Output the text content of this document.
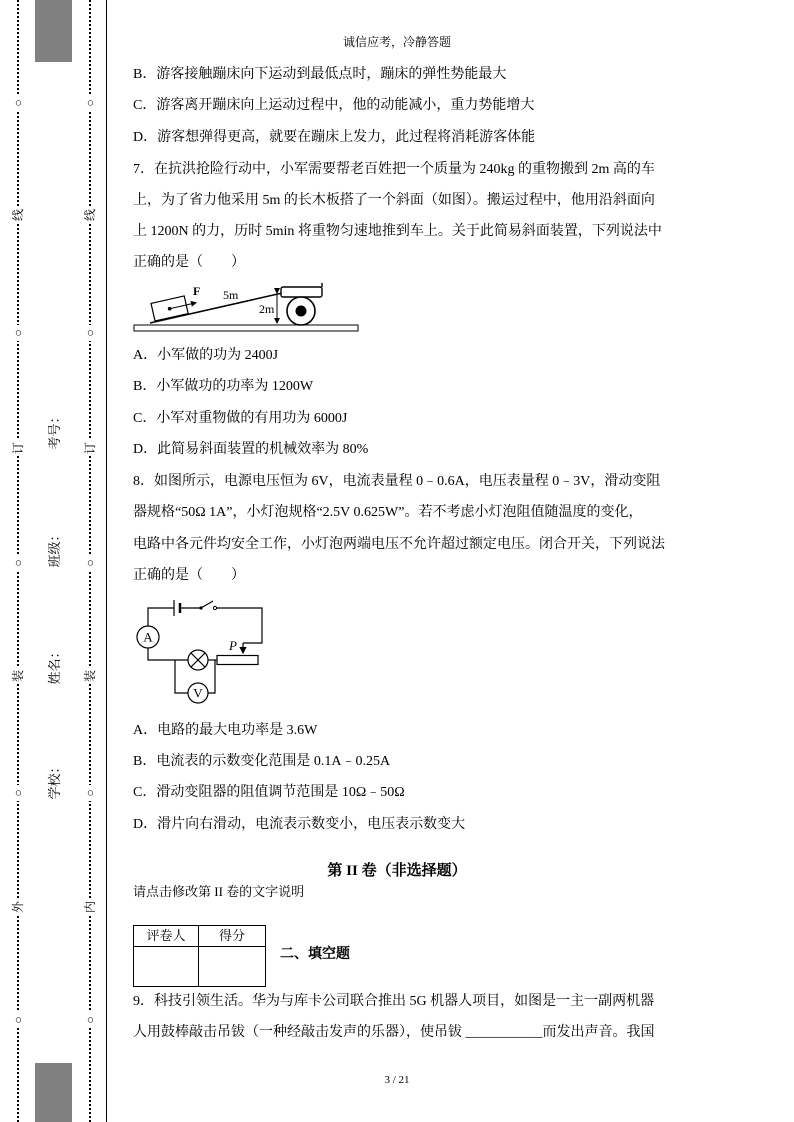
○
线
○
订
○
装
○
外
○
考号：
班级：
姓名：
学校：
○
线
○
订
○
装
○
内
○
诚信应考，冷静答题
B．游客接触蹦床向下运动到最低点时，蹦床的弹性势能最大
C．游客离开蹦床向上运动过程中，他的动能减小，重力势能增大
D．游客想弹得更高，就要在蹦床上发力，此过程将消耗游客体能
7．在抗洪抢险行动中，小军需要帮老百姓把一个质量为 240kg 的重物搬到 2m 高的车
上，为了省力他采用 5m 的长木板搭了一个斜面（如图）。搬运过程中，他用沿斜面向
上 1200N 的力，历时 5min 将重物匀速地推到车上。关于此简易斜面装置，下列说法中
正确的是（　　）
F 5m
2m
A．小军做的功为 2400J
B．小军做功的功率为 1200W
C．小军对重物做的有用功为 6000J
D．此简易斜面装置的机械效率为 80%
8．如图所示，电源电压恒为 6V，电流表量程 0﹣0.6A，电压表量程 0﹣3V，滑动变阻
器规格“50Ω 1A”，小灯泡规格“2.5V 0.625W”。若不考虑小灯泡阻值随温度的变化，
电路中各元件均安全工作，小灯泡两端电压不允许超过额定电压。闭合开关，下列说法
正确的是（　　）
A
V
P
A．电路的最大电功率是 3.6W
B．电流表的示数变化范围是 0.1A﹣0.25A
C．滑动变阻器的阻值调节范围是 10Ω﹣50Ω
D．滑片向右滑动，电流表示数变小，电压表示数变大
第 II 卷（非选择题）
请点击修改第 II 卷的文字说明
评卷人	得分

二、填空题
9．科技引领生活。华为与库卡公司联合推出 5G 机器人项目，如图是一主一副两机器
人用鼓棒敲击吊钹（一种经敲击发声的乐器），使吊钹 ___________而发出声音。我国
3 / 21
